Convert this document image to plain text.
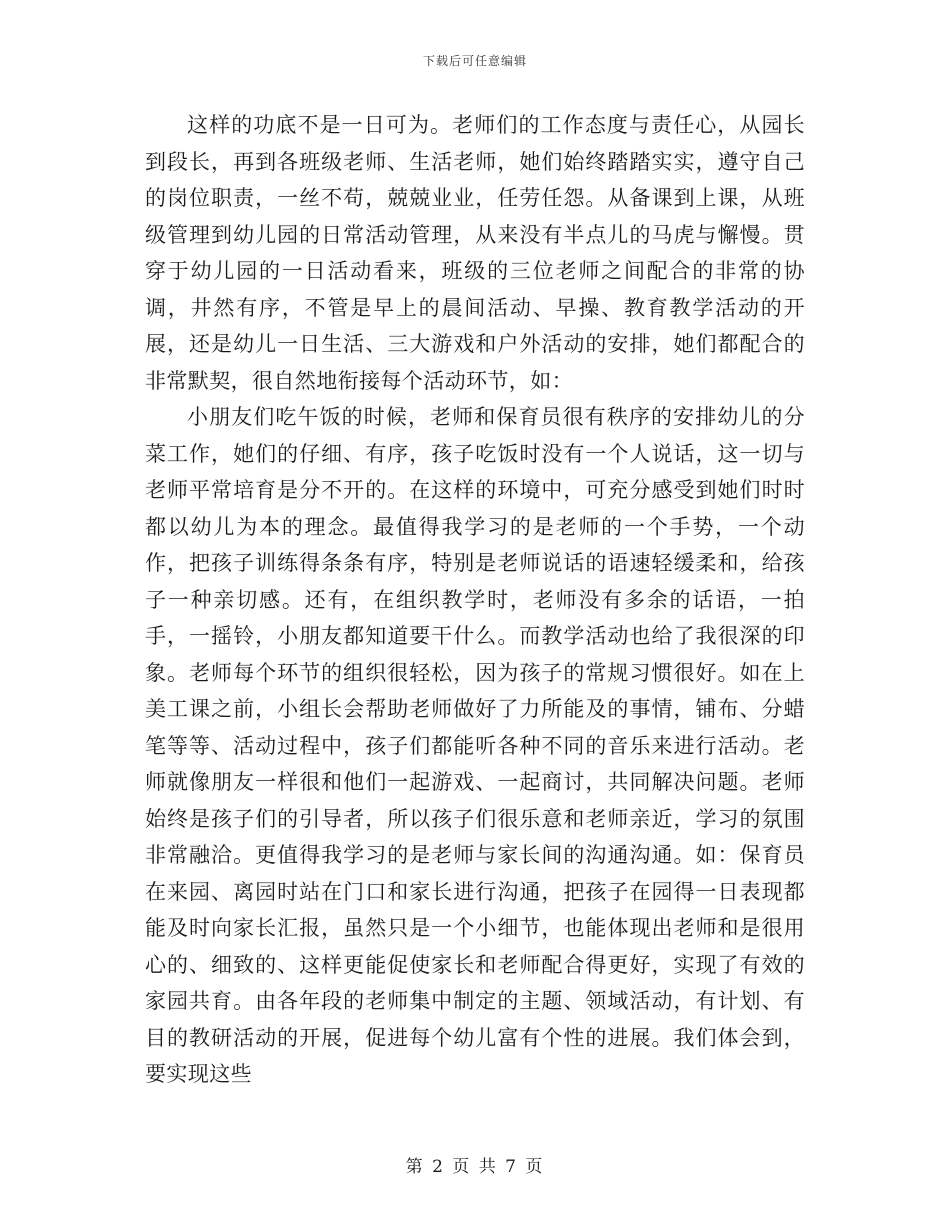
下载后可任意编辑

这样的功底不是一日可为。老师们的工作态度与责任心，从园长到段长，再到各班级老师、生活老师，她们始终踏踏实实，遵守自己的岗位职责，一丝不苟，兢兢业业，任劳任怨。从备课到上课，从班级管理到幼儿园的日常活动管理，从来没有半点儿的马虎与懈慢。贯穿于幼儿园的一日活动看来，班级的三位老师之间配合的非常的协调，井然有序，不管是早上的晨间活动、早操、教育教学活动的开展，还是幼儿一日生活、三大游戏和户外活动的安排，她们都配合的非常默契，很自然地衔接每个活动环节，如：

小朋友们吃午饭的时候，老师和保育员很有秩序的安排幼儿的分菜工作，她们的仔细、有序，孩子吃饭时没有一个人说话，这一切与老师平常培育是分不开的。在这样的环境中，可充分感受到她们时时都以幼儿为本的理念。最值得我学习的是老师的一个手势，一个动作，把孩子训练得条条有序，特别是老师说话的语速轻缓柔和，给孩子一种亲切感。还有，在组织教学时，老师没有多余的话语，一拍手，一摇铃，小朋友都知道要干什么。而教学活动也给了我很深的印象。老师每个环节的组织很轻松，因为孩子的常规习惯很好。如在上美工课之前，小组长会帮助老师做好了力所能及的事情，铺布、分蜡笔等等、活动过程中，孩子们都能听各种不同的音乐来进行活动。老师就像朋友一样很和他们一起游戏、一起商讨，共同解决问题。老师始终是孩子们的引导者，所以孩子们很乐意和老师亲近，学习的氛围非常融洽。更值得我学习的是老师与家长间的沟通沟通。如：保育员在来园、离园时站在门口和家长进行沟通，把孩子在园得一日表现都能及时向家长汇报，虽然只是一个小细节，也能体现出老师和是很用心的、细致的、这样更能促使家长和老师配合得更好，实现了有效的家园共育。由各年段的老师集中制定的主题、领域活动，有计划、有目的教研活动的开展，促进每个幼儿富有个性的进展。我们体会到，要实现这些

第 2 页 共 7 页
